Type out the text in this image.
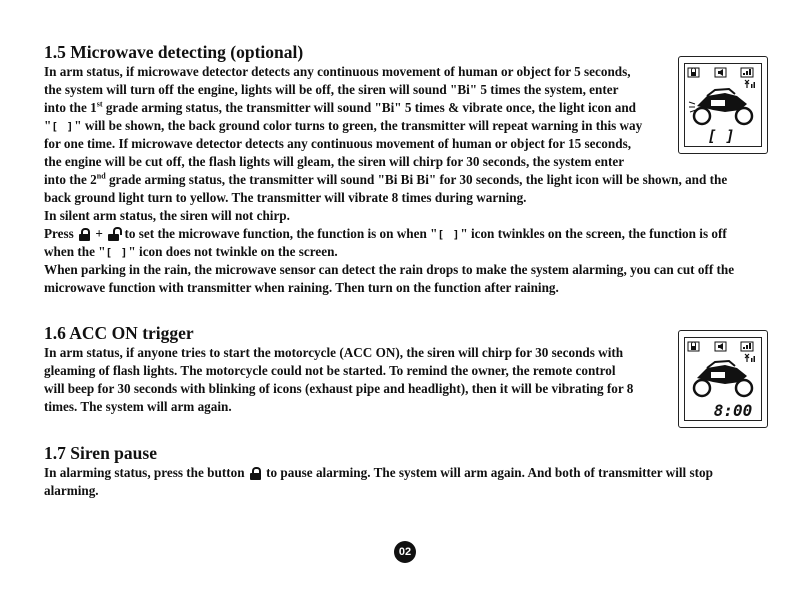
1.5 Microwave detecting (optional)

In arm status, if microwave detector detects any continuous movement of human or object for 5 seconds,

the system will turn off the engine, lights will be off, the siren will sound "Bi" 5 times the system, enter

into the 1st grade arming status, the transmitter will sound "Bi" 5 times & vibrate once, the light icon and

"[ ]" will be shown, the back ground color turns to green, the transmitter will repeat warning in this way

for one time. If microwave detector detects any continuous movement of human or object for 15 seconds,

the engine will be cut off, the flash lights will gleam, the siren will chirp for 30 seconds, the system enter

into the 2nd grade arming status, the transmitter will sound "Bi Bi Bi" for 30 seconds, the light icon will be shown, and the

back ground light turn to yellow. The transmitter will vibrate 8 times during warning.

In silent arm status, the siren will not chirp.

Press
+
to set the microwave function, the function is on when "[ ]" icon twinkles on the screen, the function is off

when the "[ ]" icon does not twinkle on the screen.

When parking in the rain, the microwave sensor can detect the rain drops to make the system alarming, you can cut off the

microwave function with transmitter when raining. Then turn on the function after raining.

[ ]
1.6 ACC ON trigger

In arm status, if anyone tries to start the motorcycle (ACC ON), the siren will chirp for 30 seconds with

gleaming of flash lights. The motorcycle could not be started. To remind the owner, the remote control

will beep for 30 seconds with blinking of icons (exhaust pipe and headlight), then it will be vibrating for 8

times. The system will arm again.	8:00
1.7 Siren pause

In alarming status, press the button
to pause alarming. The system will arm again. And both of transmitter will stop

alarming.

02
